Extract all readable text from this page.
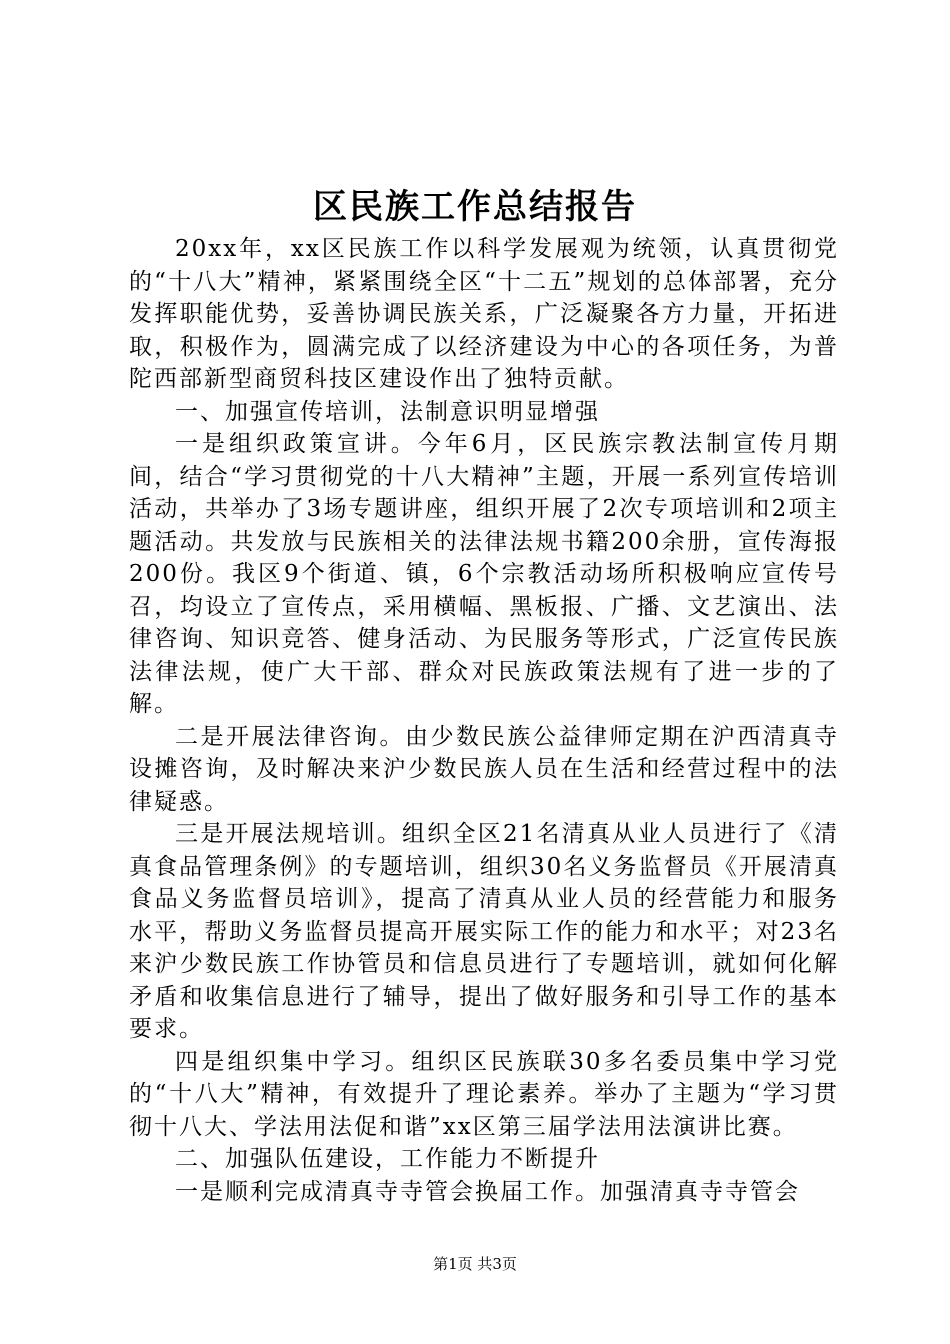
区民族工作总结报告

20xx年，xx区民族工作以科学发展观为统领，认真贯彻党的“十八大”精神，紧紧围绕全区“十二五”规划的总体部署，充分发挥职能优势，妥善协调民族关系，广泛凝聚各方力量，开拓进取，积极作为，圆满完成了以经济建设为中心的各项任务，为普陀西部新型商贸科技区建设作出了独特贡献。

一、加强宣传培训，法制意识明显增强

一是组织政策宣讲。今年6月，区民族宗教法制宣传月期间，结合“学习贯彻党的十八大精神”主题，开展一系列宣传培训活动，共举办了3场专题讲座，组织开展了2次专项培训和2项主题活动。共发放与民族相关的法律法规书籍200余册，宣传海报200份。我区9个街道、镇，6个宗教活动场所积极响应宣传号召，均设立了宣传点，采用横幅、黑板报、广播、文艺演出、法律咨询、知识竞答、健身活动、为民服务等形式，广泛宣传民族法律法规，使广大干部、群众对民族政策法规有了进一步的了解。

二是开展法律咨询。由少数民族公益律师定期在沪西清真寺设摊咨询，及时解决来沪少数民族人员在生活和经营过程中的法律疑惑。

三是开展法规培训。组织全区21名清真从业人员进行了《清真食品管理条例》的专题培训，组织30名义务监督员《开展清真食品义务监督员培训》，提高了清真从业人员的经营能力和服务水平，帮助义务监督员提高开展实际工作的能力和水平；对23名来沪少数民族工作协管员和信息员进行了专题培训，就如何化解矛盾和收集信息进行了辅导，提出了做好服务和引导工作的基本要求。

四是组织集中学习。组织区民族联30多名委员集中学习党的“十八大”精神，有效提升了理论素养。举办了主题为“学习贯彻十八大、学法用法促和谐”xx区第三届学法用法演讲比赛。

二、加强队伍建设，工作能力不断提升

一是顺利完成清真寺寺管会换届工作。加强清真寺寺管会

第1页 共3页
